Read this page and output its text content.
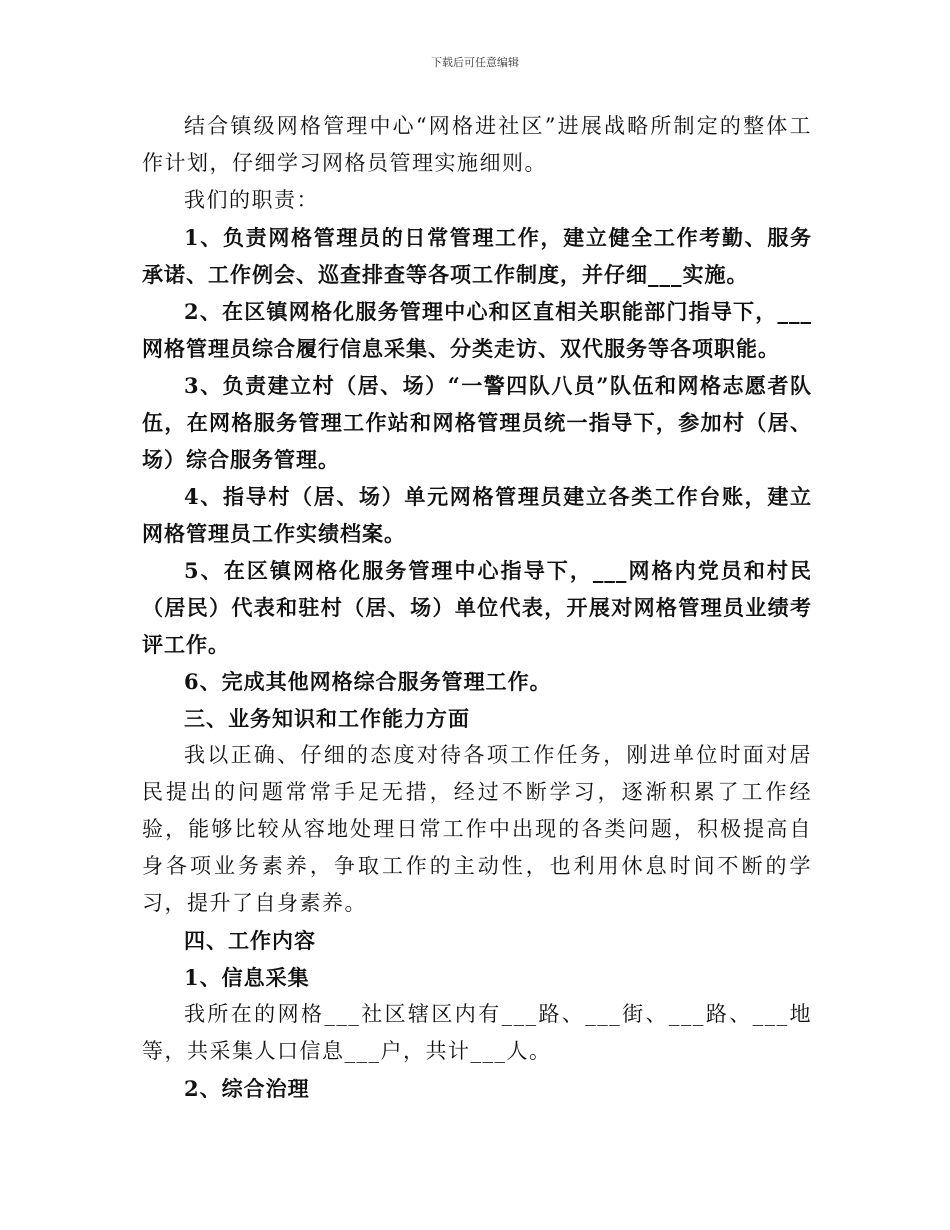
下载后可任意编辑

结合镇级网格管理中心“网格进社区”进展战略所制定的整体工作计划，仔细学习网格员管理实施细则。

我们的职责：

1、负责网格管理员的日常管理工作，建立健全工作考勤、服务承诺、工作例会、巡查排查等各项工作制度，并仔细___实施。

2、在区镇网格化服务管理中心和区直相关职能部门指导下，___网格管理员综合履行信息采集、分类走访、双代服务等各项职能。

3、负责建立村（居、场）“一警四队八员”队伍和网格志愿者队伍，在网格服务管理工作站和网格管理员统一指导下，参加村（居、场）综合服务管理。

4、指导村（居、场）单元网格管理员建立各类工作台账，建立网格管理员工作实绩档案。

5、在区镇网格化服务管理中心指导下，___网格内党员和村民（居民）代表和驻村（居、场）单位代表，开展对网格管理员业绩考评工作。

6、完成其他网格综合服务管理工作。

三、业务知识和工作能力方面

我以正确、仔细的态度对待各项工作任务，刚进单位时面对居民提出的问题常常手足无措，经过不断学习，逐渐积累了工作经验，能够比较从容地处理日常工作中出现的各类问题，积极提高自身各项业务素养，争取工作的主动性，也利用休息时间不断的学习，提升了自身素养。

四、工作内容

1、信息采集

我所在的网格___社区辖区内有___路、___街、___路、___地等，共采集人口信息___户，共计___人。

2、综合治理
